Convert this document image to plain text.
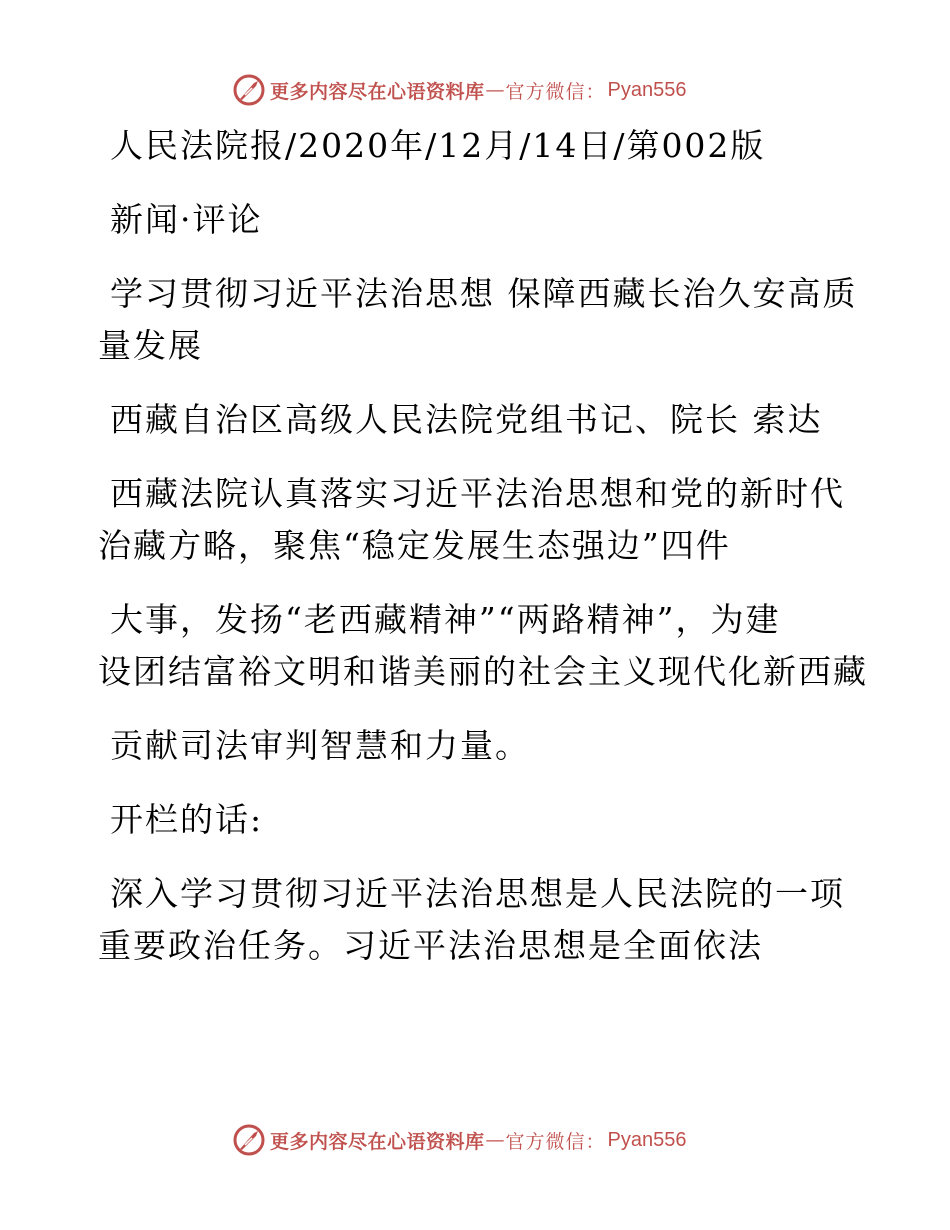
更多内容尽在心语资料库 — 官方微信： Pyan556

人民法院报/2020年/12月/14日/第002版

新闻·评论

学习贯彻习近平法治思想 保障西藏长治久安高质

量发展

西藏自治区高级人民法院党组书记、院长 索达

西藏法院认真落实习近平法治思想和党的新时代

治藏方略，聚焦“稳定发展生态强边”四件

大事，发扬“老西藏精神”“两路精神”，为建

设团结富裕文明和谐美丽的社会主义现代化新西藏

贡献司法审判智慧和力量。

开栏的话:

深入学习贯彻习近平法治思想是人民法院的一项

重要政治任务。习近平法治思想是全面依法

更多内容尽在心语资料库 — 官方微信： Pyan556
